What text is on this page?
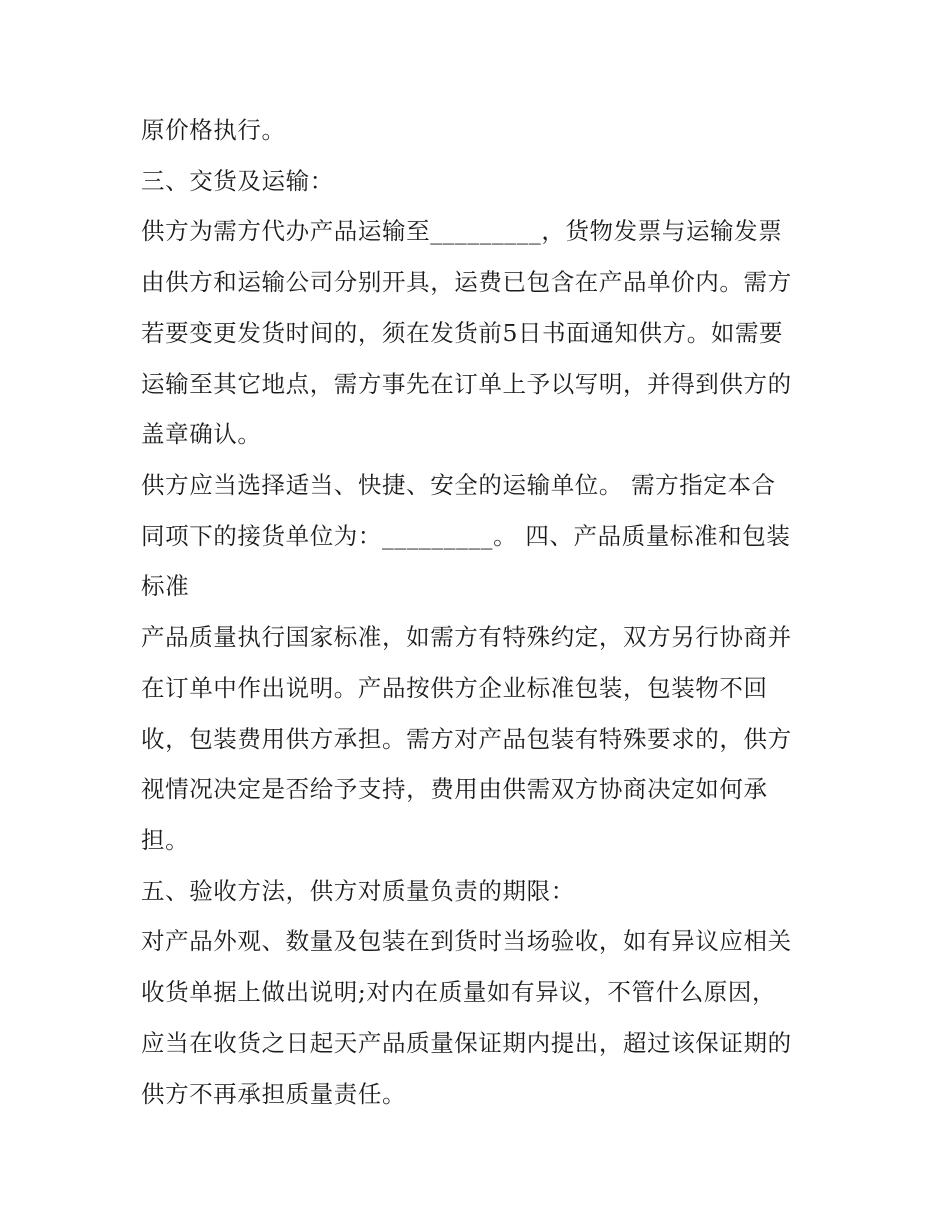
原价格执行。
三、交货及运输：
供方为需方代办产品运输至_________，货物发票与运输发票
由供方和运输公司分别开具，运费已包含在产品单价内。需方
若要变更发货时间的，须在发货前5日书面通知供方。如需要
运输至其它地点，需方事先在订单上予以写明，并得到供方的
盖章确认。
供方应当选择适当、快捷、安全的运输单位。 需方指定本合
同项下的接货单位为：_________。 四、产品质量标准和包装
标准
产品质量执行国家标准，如需方有特殊约定，双方另行协商并
在订单中作出说明。产品按供方企业标准包装，包装物不回
收，包装费用供方承担。需方对产品包装有特殊要求的，供方
视情况决定是否给予支持，费用由供需双方协商决定如何承
担。
五、验收方法，供方对质量负责的期限：
对产品外观、数量及包装在到货时当场验收，如有异议应相关
收货单据上做出说明;对内在质量如有异议，不管什么原因，
应当在收货之日起天产品质量保证期内提出，超过该保证期的
供方不再承担质量责任。
